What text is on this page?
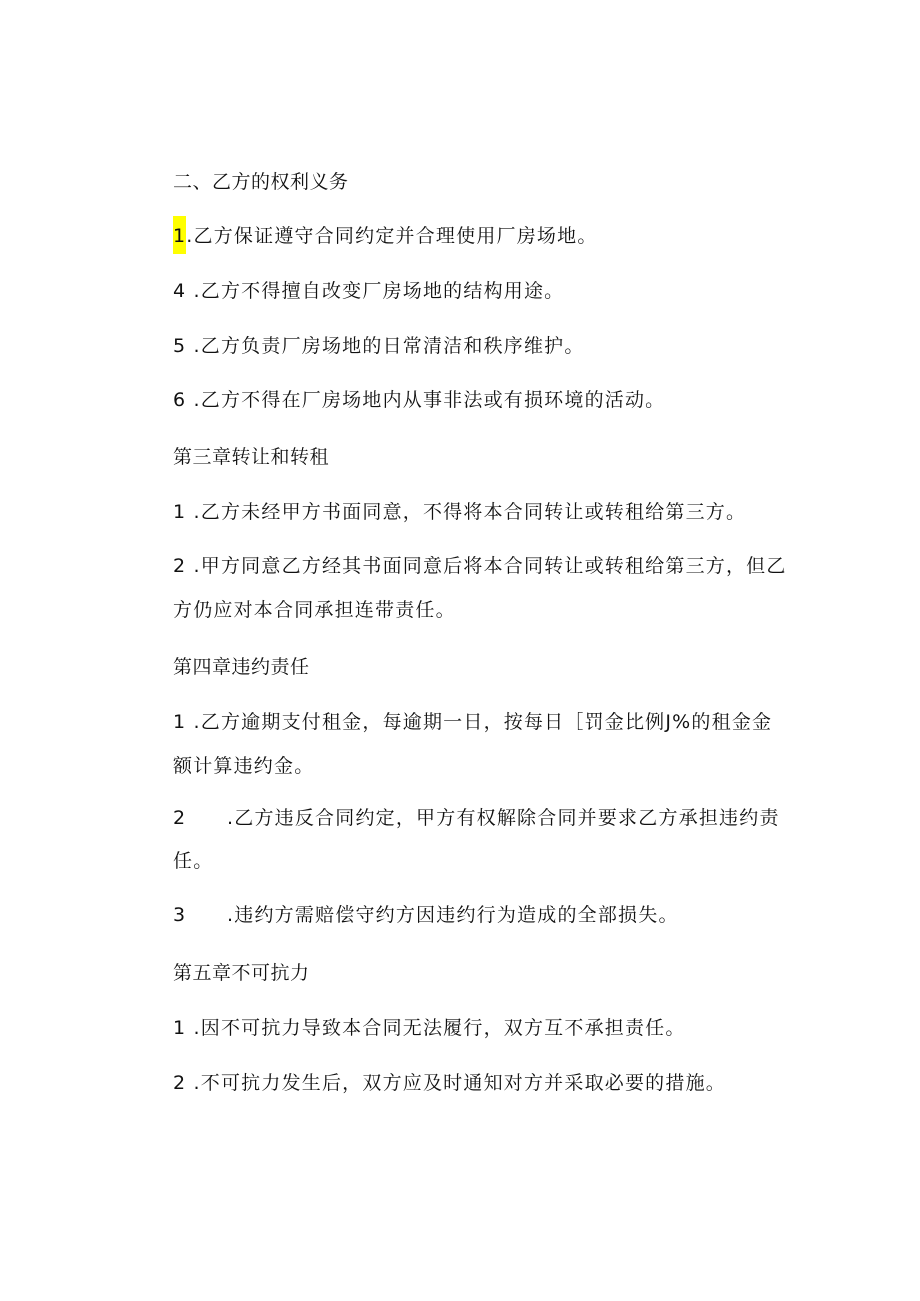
二、乙方的权利义务
1.乙方保证遵守合同约定并合理使用厂房场地。
4 .乙方不得擅自改变厂房场地的结构用途。
5 .乙方负责厂房场地的日常清洁和秩序维护。
6 .乙方不得在厂房场地内从事非法或有损环境的活动。
第三章转让和转租
1 .乙方未经甲方书面同意，不得将本合同转让或转租给第三方。
2 .甲方同意乙方经其书面同意后将本合同转让或转租给第三方，但乙
方仍应对本合同承担连带责任。
第四章违约责任
1 .乙方逾期支付租金，每逾期一日，按每日［罚金比例J%的租金金
额计算违约金。
2 .乙方违反合同约定，甲方有权解除合同并要求乙方承担违约责
任。
3 .违约方需赔偿守约方因违约行为造成的全部损失。
第五章不可抗力
1 .因不可抗力导致本合同无法履行，双方互不承担责任。
2 .不可抗力发生后，双方应及时通知对方并采取必要的措施。
